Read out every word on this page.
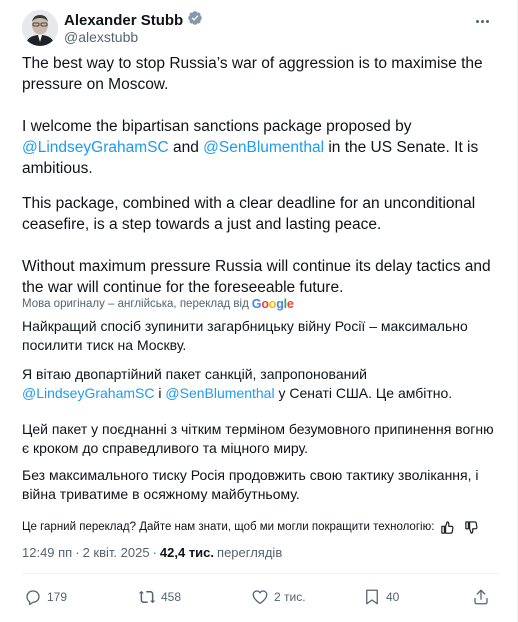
Alexander Stubb
@alexstubb
The best way to stop Russia’s war of aggression is to maximise the pressure on Moscow.
I welcome the bipartisan sanctions package proposed by @LindseyGrahamSC and @SenBlumenthal in the US Senate. It is ambitious.
This package, combined with a clear deadline for an unconditional ceasefire, is a step towards a just and lasting peace.
Without maximum pressure Russia will continue its delay tactics and the war will continue for the foreseeable future.
Мова оригіналу – англійська, переклад від Google
Найкращий спосіб зупинити загарбницьку війну Росії – максимально посилити тиск на Москву.
Я вітаю двопартійний пакет санкцій, запропонований @LindseyGrahamSC і @SenBlumenthal у Сенаті США. Це амбітно.
Цей пакет у поєднанні з чітким терміном безумовного припинення вогню є кроком до справедливого та міцного миру.
Без максимального тиску Росія продовжить свою тактику зволікання, і війна триватиме в осяжному майбутньому.
Це гарний переклад? Дайте нам знати, щоб ми могли покращити технологію:
12:49 пп · 2 квіт. 2025 · 42,4 тис. переглядів
179	458	2 тис.	40
